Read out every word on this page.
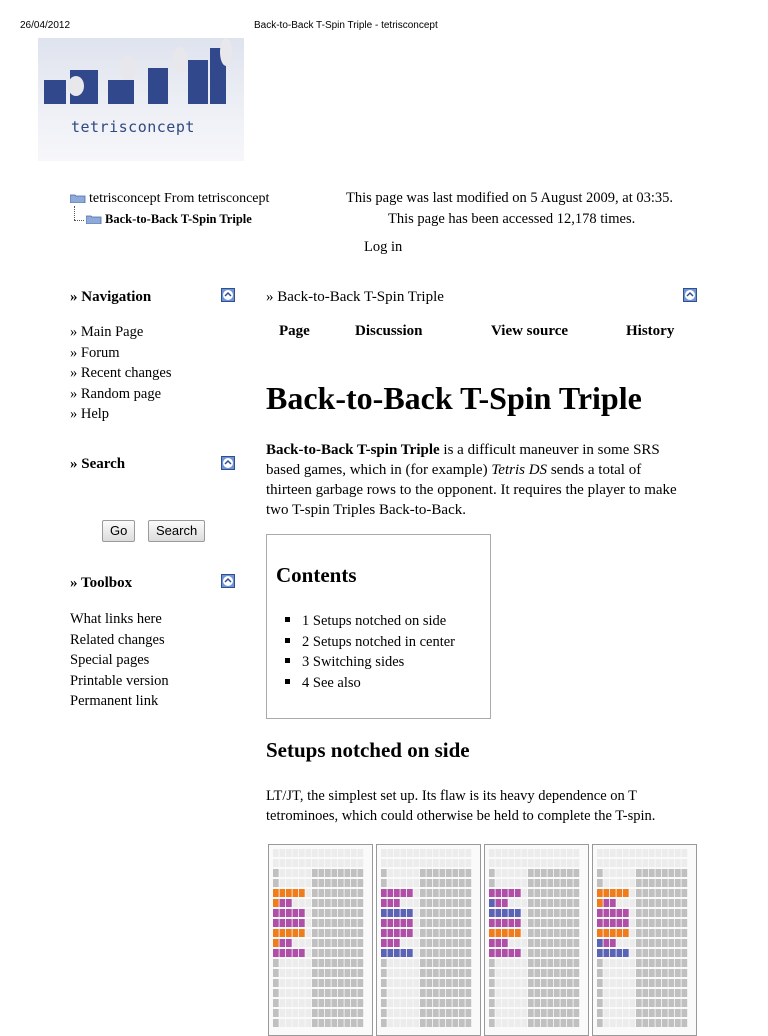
26/04/2012	Back-to-Back T-Spin Triple - tetrisconcept
tetrisconcept
tetrisconcept From tetrisconcept
Back-to-Back T-Spin Triple
This page was last modified on 5 August 2009, at 03:35.
This page has been accessed 12,178 times.
Log in
» Navigation
» Main Page
» Forum
» Recent changes
» Random page
» Help
» Search
Go	Search
» Toolbox
What links here
Related changes
Special pages
Printable version
Permanent link
» Back-to-Back T-Spin Triple
Page	Discussion	View source	History
Back-to-Back T-Spin Triple
Back-to-Back T-spin Triple is a difficult maneuver in some SRS
based games, which in (for example) Tetris DS sends a total of
thirteen garbage rows to the opponent. It requires the player to make
two T-spin Triples Back-to-Back.
Contents
1 Setups notched on side
2 Setups notched in center
3 Switching sides
4 See also
Setups notched on side
LT/JT, the simplest set up. Its flaw is its heavy dependence on T
tetrominoes, which could otherwise be held to complete the T-spin.
